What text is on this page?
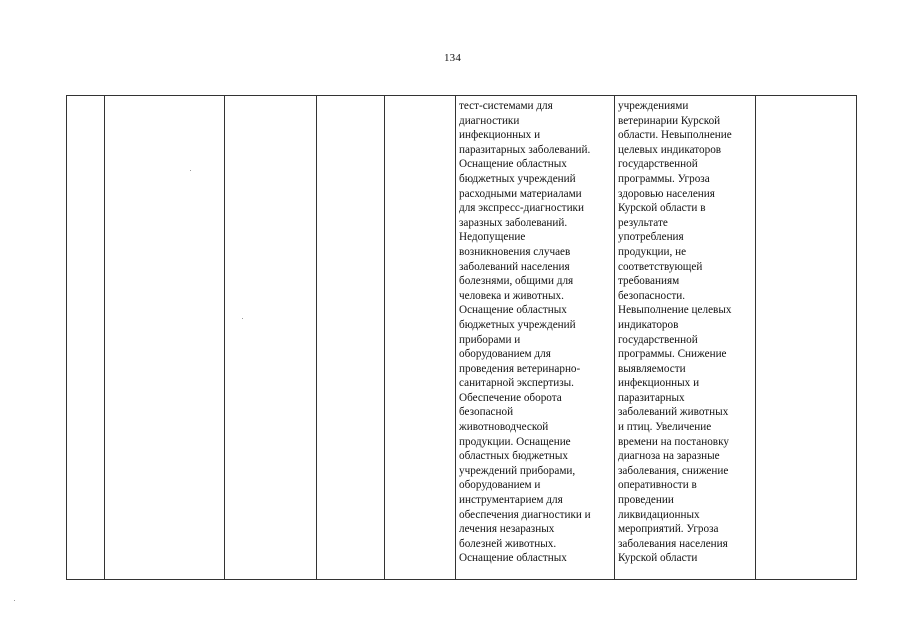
134

тест-системами для
диагностики
инфекционных и
паразитарных заболеваний.
Оснащение областных
бюджетных учреждений
расходными материалами
для экспресс-диагностики
заразных заболеваний.
Недопущение
возникновения случаев
заболеваний населения
болезнями, общими для
человека и животных.
Оснащение областных
бюджетных учреждений
приборами и
оборудованием для
проведения ветеринарно-
санитарной экспертизы.
Обеспечение оборота
безопасной
животноводческой
продукции. Оснащение
областных бюджетных
учреждений приборами,
оборудованием и
инструментарием для
обеспечения диагностики и
лечения незаразных
болезней животных.
Оснащение областных

учреждениями
ветеринарии Курской
области. Невыполнение
целевых индикаторов
государственной
программы. Угроза
здоровью населения
Курской области в
результате
употребления
продукции, не
соответствующей
требованиям
безопасности.
Невыполнение целевых
индикаторов
государственной
программы. Снижение
выявляемости
инфекционных и
паразитарных
заболеваний животных
и птиц. Увеличение
времени на постановку
диагноза на заразные
заболевания, снижение
оперативности в
проведении
ликвидационных
мероприятий. Угроза
заболевания населения
Курской области
